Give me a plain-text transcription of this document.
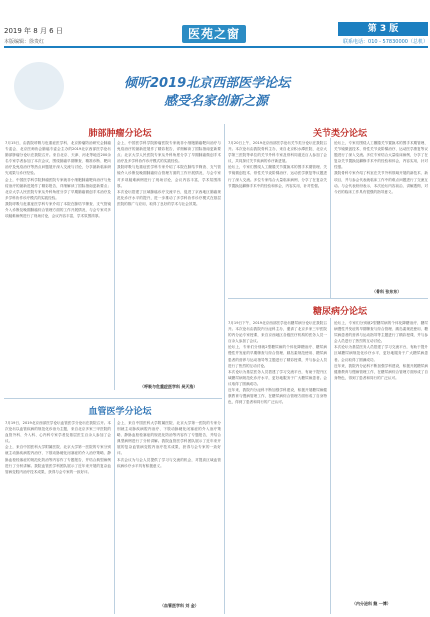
2019 年 8 月 6 日
本版编辑：徐贵红
医苑之窗	第 3 版
联系电话：010 - 57830000（总机）
倾听2019北京西部医学论坛
感受名家创新之源
肺部肿瘤分论坛	关节类分论坛
血管医学分论坛
糖尿病分论坛

7月15日，由我院呼吸与危重症医学科、北京肿瘤防治研究会肺癌专委会、北京医师协会肺癌专委会主办的2019北京西部医学论坛肺部肿瘤分论坛在我院召开。来自北京、天津、河北等地近200余名专家学者参加了本次会议，围绕肺癌早期筛查、精准诊断、靶向治疗及免疫治疗等热点问题展开深入交流与讨论，分享最新临床研究成果与诊疗经验。

会上，中国医学科学院肿瘤医院专家就非小细胞肺癌靶向治疗与免疫治疗的最新进展作了精彩报告，详细解读了国际指南更新要点；北京大学人民医院专家从外科角度分享了早期肺癌微创手术治疗及多学科协作诊疗模式的实践经验。

我院呼吸与危重症医学科专家介绍了本院在肺结节筛查、支气管镜介入诊断及晚期肺癌综合管理方面的工作开展情况，与会专家对多项疑难病例进行了现场讨论，会议内容丰富，学术氛围浓厚。

会上，中国医学科学院肿瘤医院专家就非小细胞肺癌靶向治疗与免疫治疗的最新进展作了精彩报告，详细解读了国际指南更新要点；北京大学人民医院专家从外科角度分享了早期肺癌微创手术治疗及多学科协作诊疗模式的实践经验。

我院呼吸与危重症医学科专家介绍了本院在肺结节筛查、支气管镜介入诊断及晚期肺癌综合管理方面的工作开展情况，与会专家对多项疑难病例进行了现场讨论，会议内容丰富，学术氛围浓厚。

本次论坛搭建了区域肺癌诊疗交流平台，促进了京西地区肺癌规范化诊疗水平的提升，进一步推动了多学科协作诊疗模式在基层医院的推广与应用，取得了良好的学术与社会效果。

（呼吸与危重症医学科 吴天浩）

7月19日，2019北京西部医学论坛血管医学分论坛在我院召开。本次论坛以血管疾病的规范化诊治为主题，来自北京多家三甲医院的血管外科、介入科、心内科专家学者及基层医生百余人参加了会议。

会上，来自中国医科大学附属医院、北京大学第一医院的专家分别就主动脉疾病腔内治疗、下肢动脉硬化闭塞症的介入治疗策略、静脉血栓栓塞症的规范化防治等内容作了专题报告，并结合典型病例进行了分析讲解。我院血管医学科团队展示了近年来开展的复杂血管病变腔内治疗技术成果，获得与会专家的一致好评。

会上，来自中国医科大学附属医院、北京大学第一医院的专家分别就主动脉疾病腔内治疗、下肢动脉硬化闭塞症的介入治疗策略、静脉血栓栓塞症的规范化防治等内容作了专题报告，并结合典型病例进行了分析讲解。我院血管医学科团队展示了近年来开展的复杂血管病变腔内治疗技术成果，获得与会专家的一致好评。

本次会议为与会人员提供了学习与交流的机会，对提高区域血管疾病诊疗水平具有积极意义。

（血管医学科 刘 金）

7月20日上午，2019北京西部医学论坛关节类分论坛在我院召开。本次论坛由我院骨科主办，来自北京积水潭医院、北京大学第三医院等单位的关节外科专家及骨科同道近百人参加了会议，共同探讨关节疾病的诊疗新进展。

论坛上，专家们围绕人工髋膝关节置换术的围手术期管理、关节镜微创技术、骨性关节炎阶梯治疗、运动医学康复等议题进行了深入交流。多位专家结合大量临床病例，分享了在复杂关节置换及翻修手术中的经验和体会，内容实用，针对性强。

论坛上，专家们围绕人工髋膝关节置换术的围手术期管理、关节镜微创技术、骨性关节炎阶梯治疗、运动医学康复等议题进行了深入交流。多位专家结合大量临床病例，分享了在复杂关节置换及翻修手术中的经验和体会，内容实用，针对性强。

我院骨科专家介绍了科室在关节外科领域开展的新技术、新项目，并与参会代表就临床工作中的难点问题进行了交流互动。与会代表纷纷表示，本次论坛内容前沿、讲解透彻，对今后的临床工作具有很强的指导意义。

（骨科 张东东）

7月19日下午，2019北京西部医学论坛糖尿病分论坛在我院召开。本次论坛由我院内分泌科主办，邀请了北京多家三甲医院的内分泌专家授课，来自京西地区各级医疗机构的医务人员一百余人参加了会议。

论坛上，专家们分别就2型糖尿病的个体化降糖治疗、糖尿病慢性并发症的早期筛查与综合管理、胰岛素规范使用、糖尿病患者的营养与运动指导等主题进行了精彩授课，并与参会人员进行了热烈的互动讨论。

本次论坛为基层医务人员搭建了学习交流平台，有助于提升区域糖尿病规范化诊疗水平，更好地服务于广大糖尿病患者。会议取得了圆满成功。

近年来，我院内分泌科不断加强学科建设，积极开展糖尿病健康教育与慢病管理工作，在糖尿病综合管理方面形成了自身特色，得到了患者和同行的广泛认可。

论坛上，专家们分别就2型糖尿病的个体化降糖治疗、糖尿病慢性并发症的早期筛查与综合管理、胰岛素规范使用、糖尿病患者的营养与运动指导等主题进行了精彩授课，并与参会人员进行了热烈的互动讨论。

本次论坛为基层医务人员搭建了学习交流平台，有助于提升区域糖尿病规范化诊疗水平，更好地服务于广大糖尿病患者。会议取得了圆满成功。

近年来，我院内分泌科不断加强学科建设，积极开展糖尿病健康教育与慢病管理工作，在糖尿病综合管理方面形成了自身特色，得到了患者和同行的广泛认可。

（内分泌科 鲍 一博）
